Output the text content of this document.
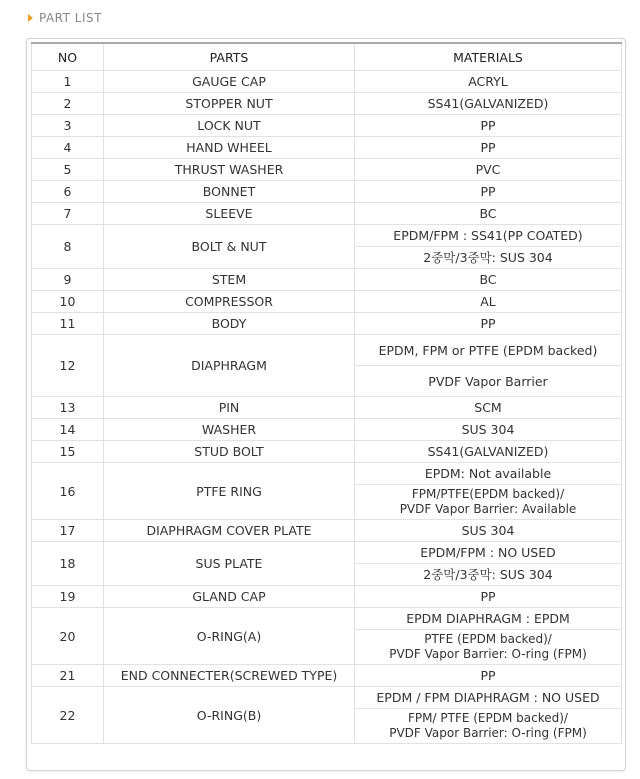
PART LIST
NO	PARTS	MATERIALS
1	GAUGE CAP	ACRYL
2	STOPPER NUT	SS41(GALVANIZED)
3	LOCK NUT	PP
4	HAND WHEEL	PP
5	THRUST WASHER	PVC
6	BONNET	PP
7	SLEEVE	BC
8	BOLT & NUT	EPDM/FPM : SS41(PP COATED)
		2중막/3중막: SUS 304
9	STEM	BC
10	COMPRESSOR	AL
11	BODY	PP
12	DIAPHRAGM	EPDM, FPM or PTFE (EPDM backed)
		PVDF Vapor Barrier
13	PIN	SCM
14	WASHER	SUS 304
15	STUD BOLT	SS41(GALVANIZED)
16	PTFE RING	EPDM: Not available
		FPM/PTFE(EPDM backed)/
PVDF Vapor Barrier: Available
17	DIAPHRAGM COVER PLATE	SUS 304
18	SUS PLATE	EPDM/FPM : NO USED
		2중막/3중막: SUS 304
19	GLAND CAP	PP
20	O-RING(A)	EPDM DIAPHRAGM : EPDM
		PTFE (EPDM backed)/
PVDF Vapor Barrier: O-ring (FPM)
21	END CONNECTER(SCREWED TYPE)	PP
22	O-RING(B)	EPDM / FPM DIAPHRAGM : NO USED
		FPM/ PTFE (EPDM backed)/
PVDF Vapor Barrier: O-ring (FPM)
